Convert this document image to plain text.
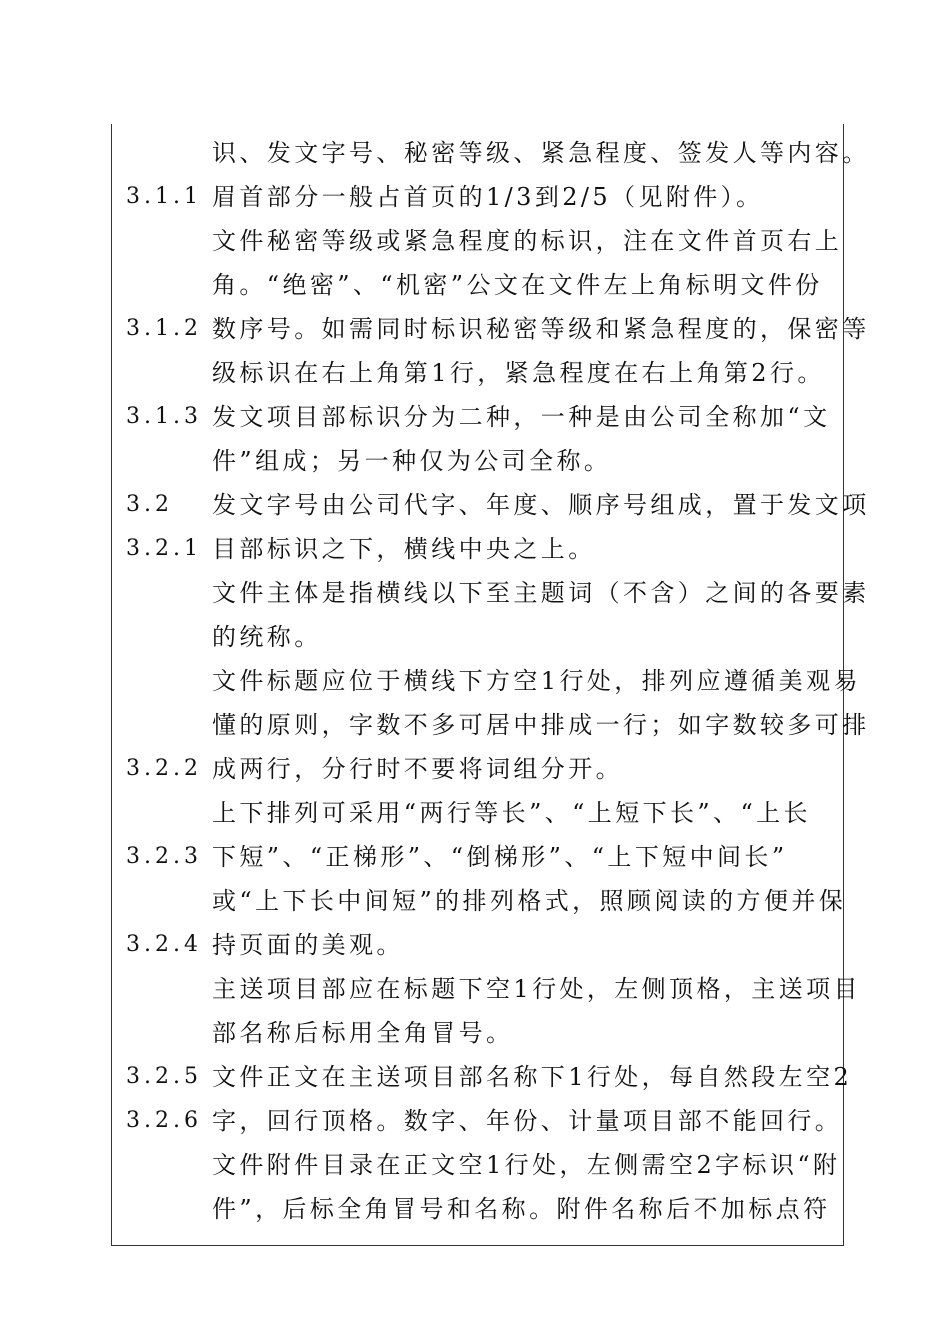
识、发文字号、秘密等级、紧急程度、签发人等内容。
眉首部分一般占首页的1/3到2/5（见附件）。
文件秘密等级或紧急程度的标识，注在文件首页右上
角。“绝密”、“机密”公文在文件左上角标明文件份
数序号。如需同时标识秘密等级和紧急程度的，保密等
级标识在右上角第1行，紧急程度在右上角第2行。
发文项目部标识分为二种，一种是由公司全称加“文
件”组成；另一种仅为公司全称。
发文字号由公司代字、年度、顺序号组成，置于发文项
目部标识之下，横线中央之上。
文件主体是指横线以下至主题词（不含）之间的各要素
的统称。
文件标题应位于横线下方空1行处，排列应遵循美观易
懂的原则，字数不多可居中排成一行；如字数较多可排
成两行，分行时不要将词组分开。
上下排列可采用“两行等长”、“上短下长”、“上长
下短”、“正梯形”、“倒梯形”、“上下短中间长”
或“上下长中间短”的排列格式，照顾阅读的方便并保
持页面的美观。
主送项目部应在标题下空1行处，左侧顶格，主送项目
部名称后标用全角冒号。
文件正文在主送项目部名称下1行处，每自然段左空2
字，回行顶格。数字、年份、计量项目部不能回行。
文件附件目录在正文空1行处，左侧需空2字标识“附
件”，后标全角冒号和名称。附件名称后不加标点符
3.1.1
3.1.2
3.1.3
3.2
3.2.1
3.2.2
3.2.3
3.2.4
3.2.5
3.2.6
